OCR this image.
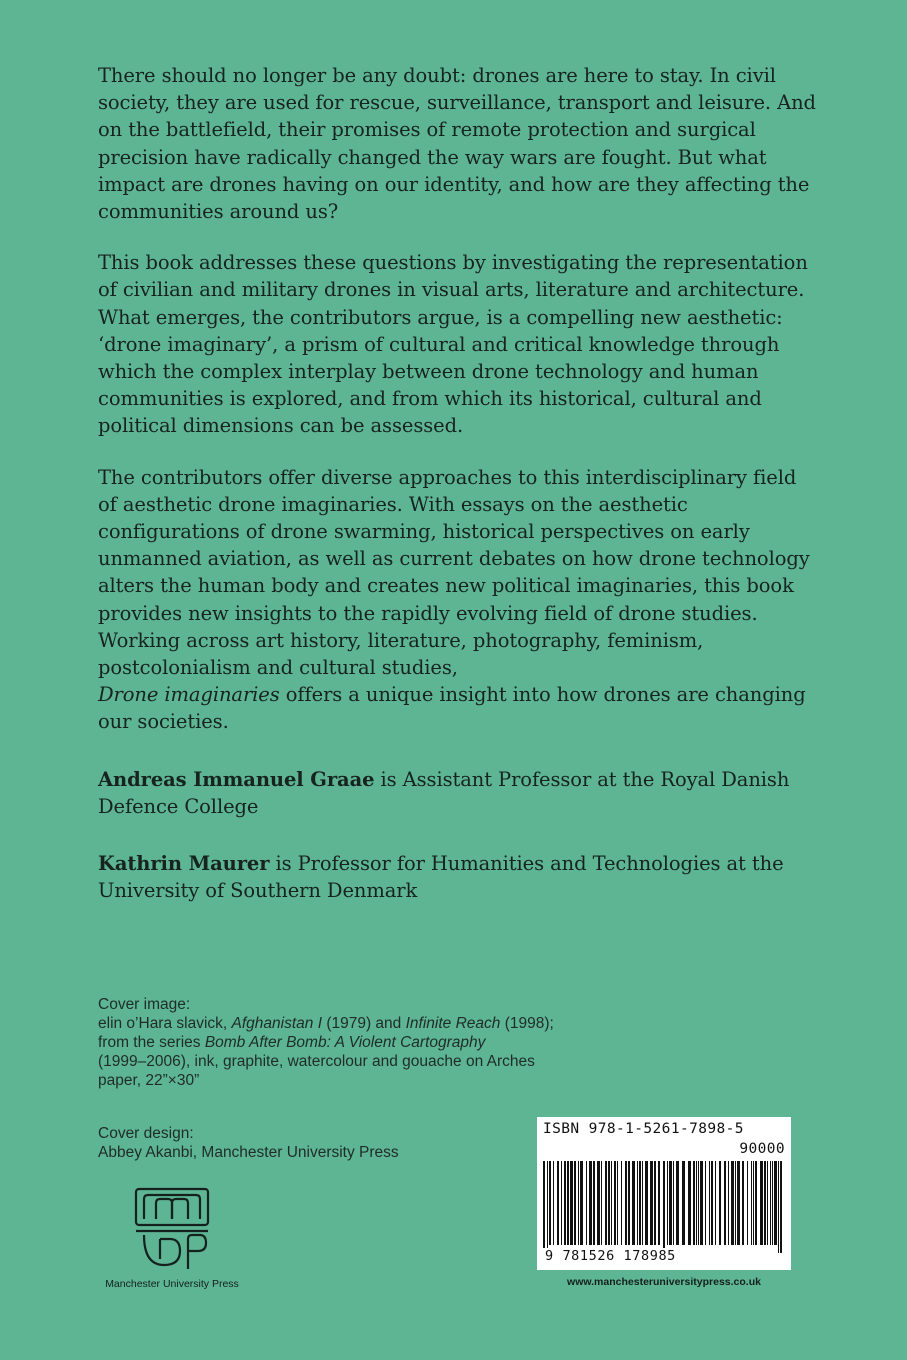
There should no longer be any doubt: drones are here to stay. In civil society, they are used for rescue, surveillance, transport and leisure. And on the battlefield, their promises of remote protection and surgical precision have radically changed the way wars are fought. But what impact are drones having on our identity, and how are they affecting the communities around us?

This book addresses these questions by investigating the representation of civilian and military drones in visual arts, literature and architecture. What emerges, the contributors argue, is a compelling new aesthetic: ‘drone imaginary’, a prism of cultural and critical knowledge through which the complex interplay between drone technology and human communities is explored, and from which its historical, cultural and political dimensions can be assessed.

The contributors offer diverse approaches to this interdisciplinary field of aesthetic drone imaginaries. With essays on the aesthetic configurations of drone swarming, historical perspectives on early unmanned aviation, as well as current debates on how drone technology alters the human body and creates new political imaginaries, this book provides new insights to the rapidly evolving field of drone studies. Working across art history, literature, photography, feminism, postcolonialism and cultural studies,
Drone imaginaries offers a unique insight into how drones are changing our societies.

Andreas Immanuel Graae is Assistant Professor at the Royal Danish Defence College

Kathrin Maurer is Professor for Humanities and Technologies at the University of Southern Denmark

Cover image:

elin o’Hara slavick, Afghanistan I (1979) and Infinite Reach (1998);

from the series Bomb After Bomb: A Violent Cartography
(1999–2006), ink, graphite, watercolour and gouache on Arches paper, 22”×30”

Cover design:

Abbey Akanbi, Manchester University Press

Manchester University Press
ISBN 978-1-5261-7898-5
90000
9 781526 178985
www.manchesteruniversitypress.co.uk
